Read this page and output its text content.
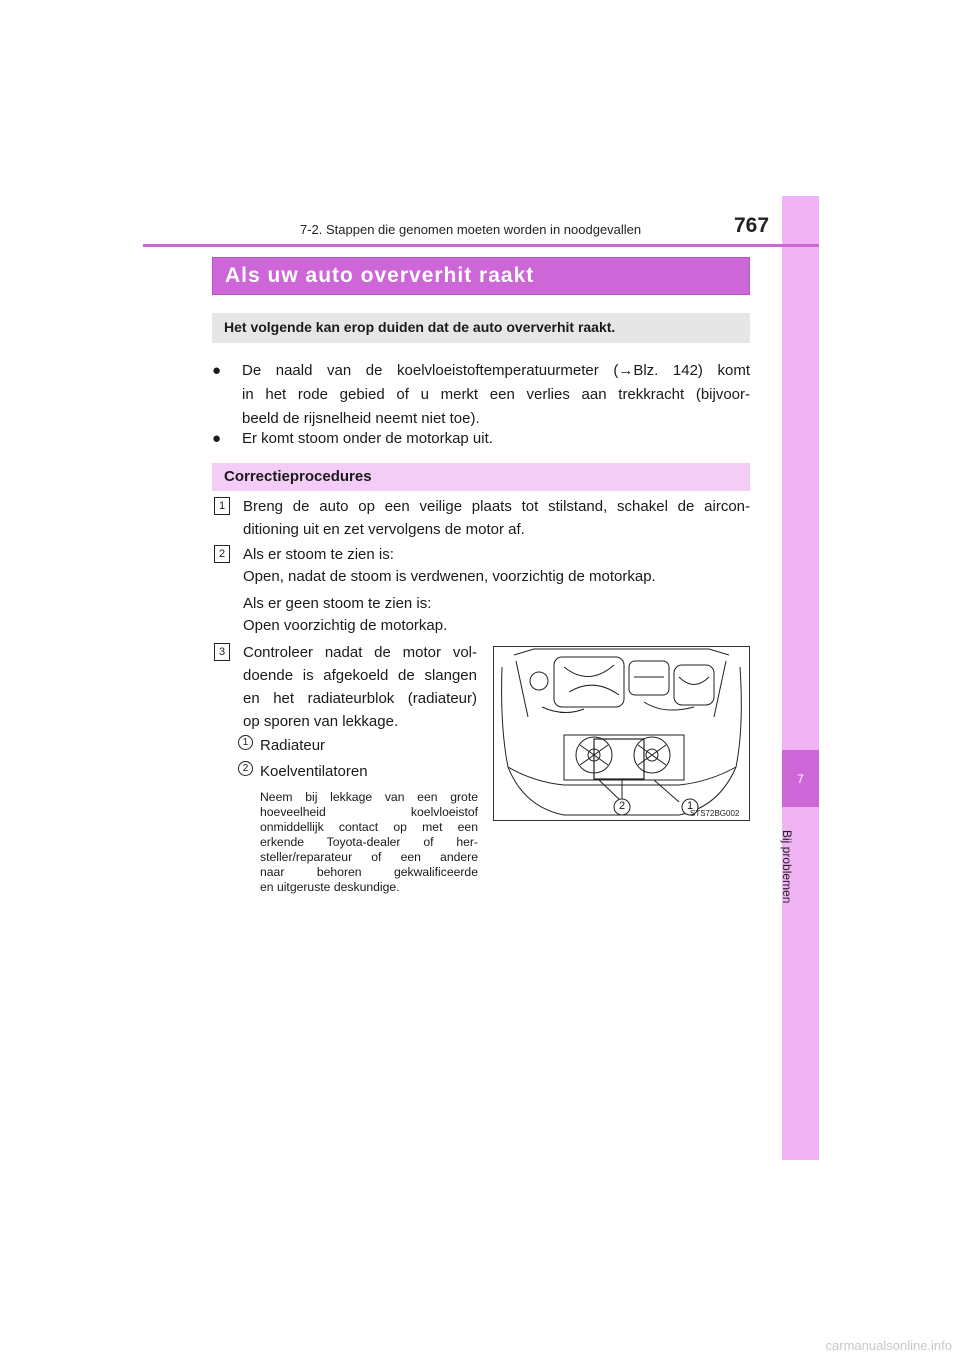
7
Bij problemen
7-2. Stappen die genomen moeten worden in noodgevallen	767
Als uw auto oververhit raakt
Het volgende kan erop duiden dat de auto oververhit raakt.
● De naald van de koelvloeistoftemperatuurmeter (→Blz. 142) komt
in het rode gebied of u merkt een verlies aan trekkracht (bijvoor-
beeld de rijsnelheid neemt niet toe).
● Er komt stoom onder de motorkap uit.
Correctieprocedures
1	Breng de auto op een veilige plaats tot stilstand, schakel de aircon-
ditioning uit en zet vervolgens de motor af.
2	Als er stoom te zien is:
Open, nadat de stoom is verdwenen, voorzichtig de motorkap.
Als er geen stoom te zien is:
Open voorzichtig de motorkap.
3	Controleer nadat de motor vol-
doende is afgekoeld de slangen
en het radiateurblok (radiateur)
op sporen van lekkage.
1 Radiateur
2 Koelventilatoren
Neem bij lekkage van een grote
hoeveelheid koelvloeistof
onmiddellijk contact op met een
erkende Toyota-dealer of her-
steller/reparateur of een andere
naar behoren gekwalificeerde
en uitgeruste deskundige.
2	1
STS72BG002
carmanualsonline.info
